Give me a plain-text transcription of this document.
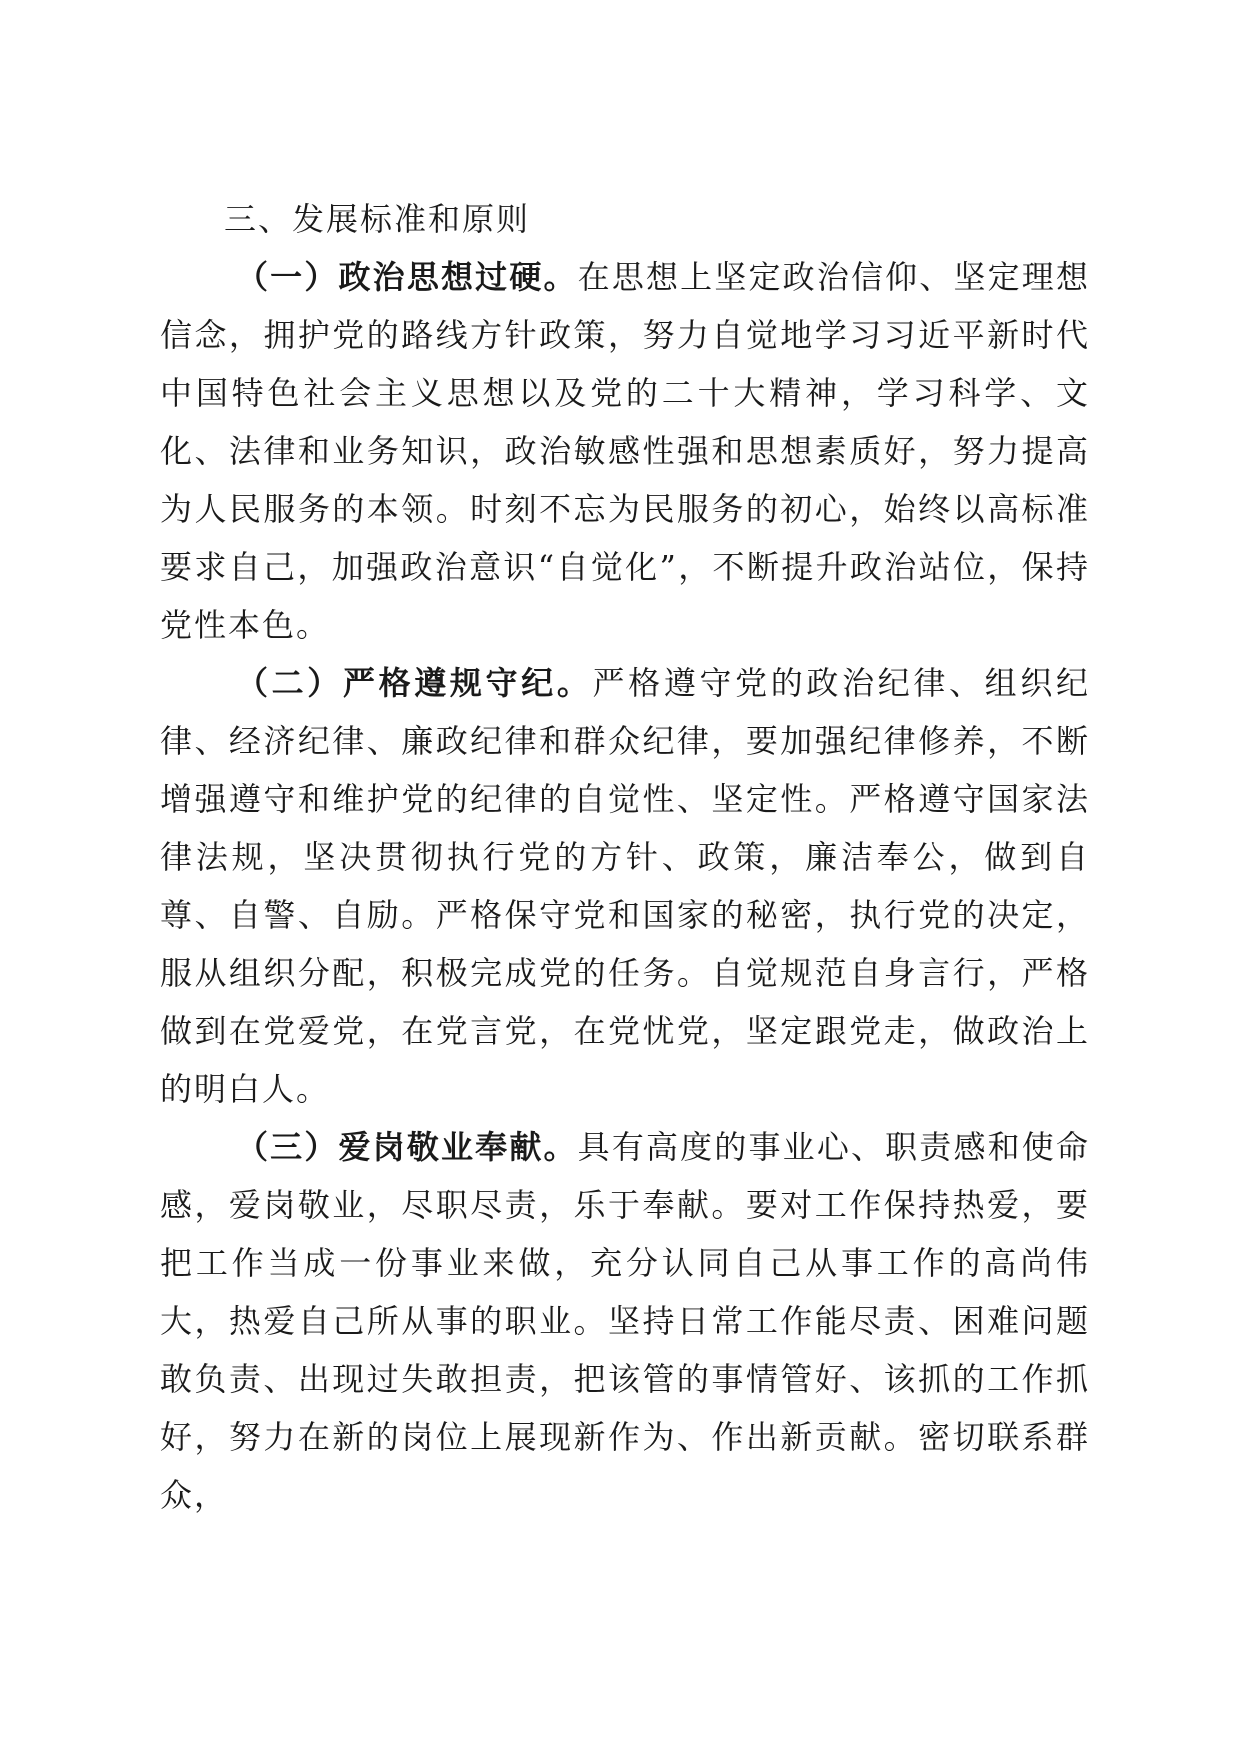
三、发展标准和原则

（一）政治思想过硬。在思想上坚定政治信仰、坚定理想信念，拥护党的路线方针政策，努力自觉地学习习近平新时代中国特色社会主义思想以及党的二十大精神，学习科学、文化、法律和业务知识，政治敏感性强和思想素质好，努力提高为人民服务的本领。时刻不忘为民服务的初心，始终以高标准要求自己，加强政治意识“自觉化”，不断提升政治站位，保持党性本色。

（二）严格遵规守纪。严格遵守党的政治纪律、组织纪律、经济纪律、廉政纪律和群众纪律，要加强纪律修养，不断增强遵守和维护党的纪律的自觉性、坚定性。严格遵守国家法律法规，坚决贯彻执行党的方针、政策，廉洁奉公，做到自尊、自警、自励。严格保守党和国家的秘密，执行党的决定，服从组织分配，积极完成党的任务。自觉规范自身言行，严格做到在党爱党，在党言党，在党忧党，坚定跟党走，做政治上的明白人。

（三）爱岗敬业奉献。具有高度的事业心、职责感和使命感，爱岗敬业，尽职尽责，乐于奉献。要对工作保持热爱，要把工作当成一份事业来做，充分认同自己从事工作的高尚伟大，热爱自己所从事的职业。坚持日常工作能尽责、困难问题敢负责、出现过失敢担责，把该管的事情管好、该抓的工作抓好，努力在新的岗位上展现新作为、作出新贡献。密切联系群众，
